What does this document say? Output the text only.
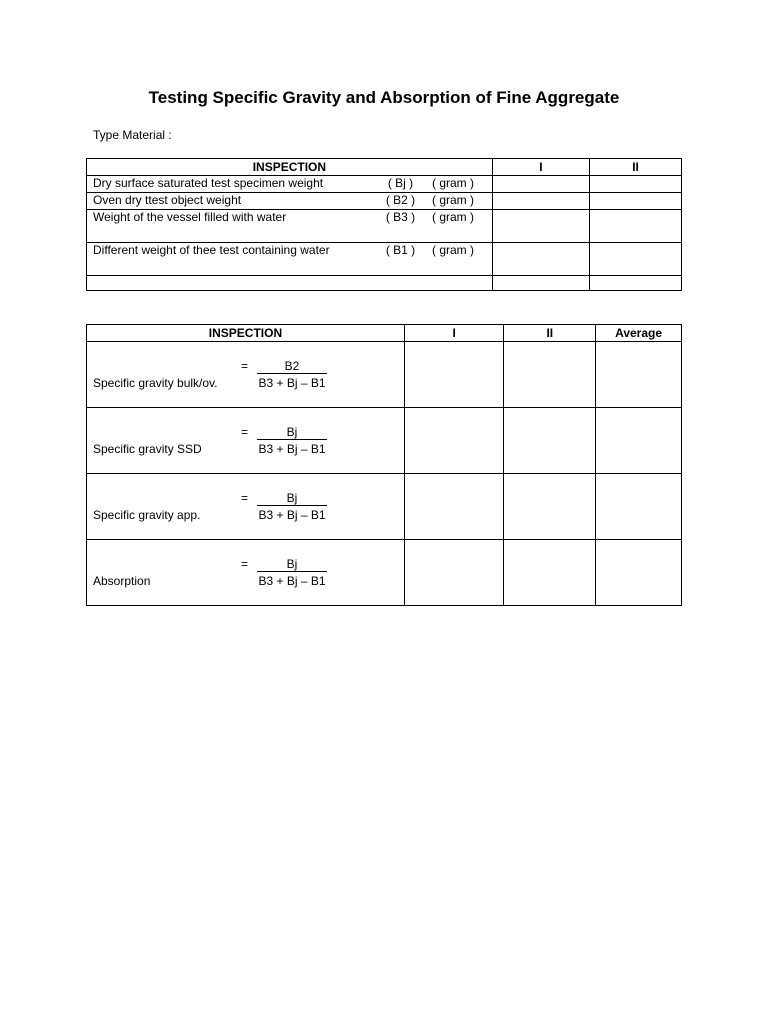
Testing Specific Gravity and Absorption of Fine Aggregate
Type Material :
INSPECTION	I	II

Dry surface saturated test specimen weight ( Bj ) ( gram )		

Oven dry ttest object weight ( B2 ) ( gram )		

Weight of the vessel filled with water ( B3 ) ( gram )		

Different weight of thee test containing water ( B1 ) ( gram )		

INSPECTION	I	II	Average

Specific gravity bulk/ov.
= B2
B3 + Bj – B1			

Specific gravity SSD
= Bj
B3 + Bj – B1			

Specific gravity app.
= Bj
B3 + Bj – B1			

Absorption
= Bj
B3 + Bj – B1			
